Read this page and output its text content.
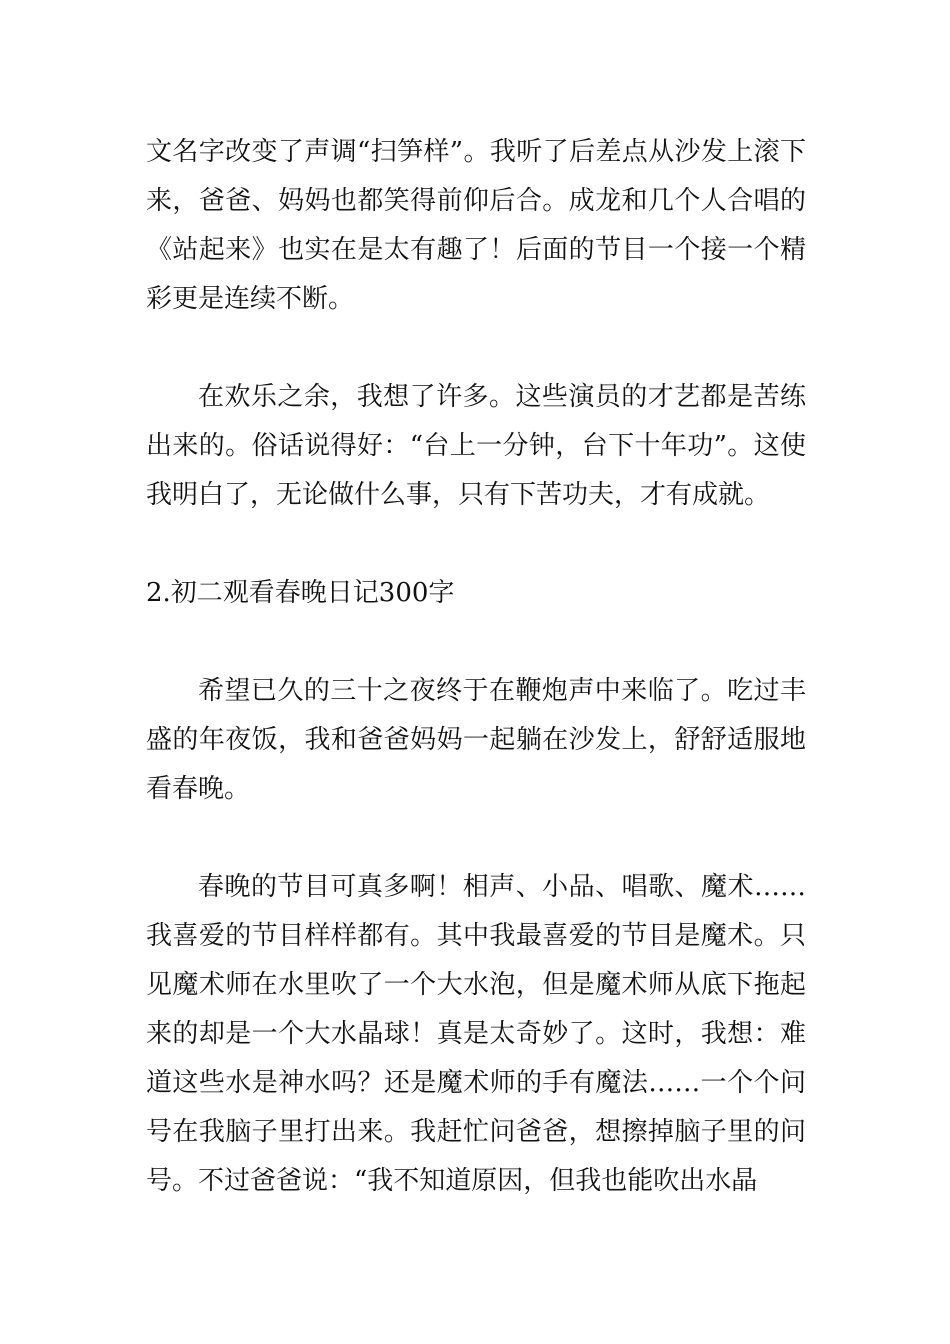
文名字改变了声调“扫笋样”。我听了后差点从沙发上滚下来，爸爸、妈妈也都笑得前仰后合。成龙和几个人合唱的《站起来》也实在是太有趣了！后面的节目一个接一个精彩更是连续不断。

在欢乐之余，我想了许多。这些演员的才艺都是苦练出来的。俗话说得好：“台上一分钟，台下十年功”。这使我明白了，无论做什么事，只有下苦功夫，才有成就。

2.初二观看春晚日记300字

希望已久的三十之夜终于在鞭炮声中来临了。吃过丰盛的年夜饭，我和爸爸妈妈一起躺在沙发上，舒舒适服地看春晚。

春晚的节目可真多啊！相声、小品、唱歌、魔术……我喜爱的节目样样都有。其中我最喜爱的节目是魔术。只见魔术师在水里吹了一个大水泡，但是魔术师从底下拖起来的却是一个大水晶球！真是太奇妙了。这时，我想：难道这些水是神水吗？还是魔术师的手有魔法……一个个问号在我脑子里打出来。我赶忙问爸爸，想擦掉脑子里的问号。不过爸爸说：“我不知道原因，但我也能吹出水晶
